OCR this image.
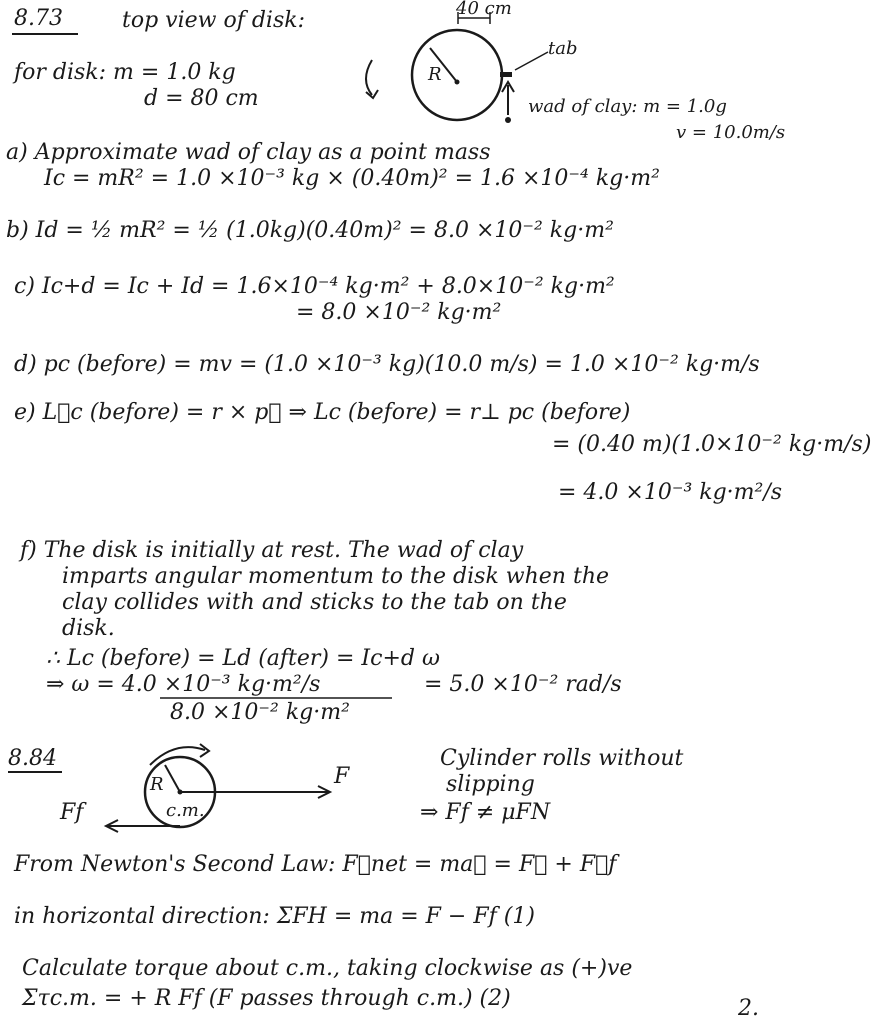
8.73	top view of disk:	40 cm
tab
R
wad of clay: m = 1.0g
v = 10.0m/s
for disk: m = 1.0 kg
d = 80 cm
a) Approximate wad of clay as a point mass
Ic = mR² = 1.0 ×10⁻³ kg × (0.40m)² = 1.6 ×10⁻⁴ kg·m²
b) Id = ½ mR² = ½ (1.0kg)(0.40m)² = 8.0 ×10⁻² kg·m²
c) Ic+d = Ic + Id = 1.6×10⁻⁴ kg·m² + 8.0×10⁻² kg·m²
= 8.0 ×10⁻² kg·m²
d) pc (before) = mv = (1.0 ×10⁻³ kg)(10.0 m/s) = 1.0 ×10⁻² kg·m/s
e) L⃗c (before) = r × p⃗ ⇒ Lc (before) = r⊥ pc (before)
= (0.40 m)(1.0×10⁻² kg·m/s)
= 4.0 ×10⁻³ kg·m²/s
f) The disk is initially at rest. The wad of clay
imparts angular momentum to the disk when the
clay collides with and sticks to the tab on the
disk.
∴ Lc (before) = Ld (after) = Ic+d ω
⇒ ω = 4.0 ×10⁻³ kg·m²/s
8.0 ×10⁻² kg·m²
= 5.0 ×10⁻² rad/s
8.84
R
c.m.
F
Ff
Cylinder rolls without
slipping
⇒ Ff ≠ μFN
From Newton's Second Law: F⃗net = ma⃗ = F⃗ + F⃗f
in horizontal direction: ΣFH = ma = F − Ff (1)
Calculate torque about c.m., taking clockwise as (+)ve
Στc.m. = + R Ff (F passes through c.m.) (2)	2.
